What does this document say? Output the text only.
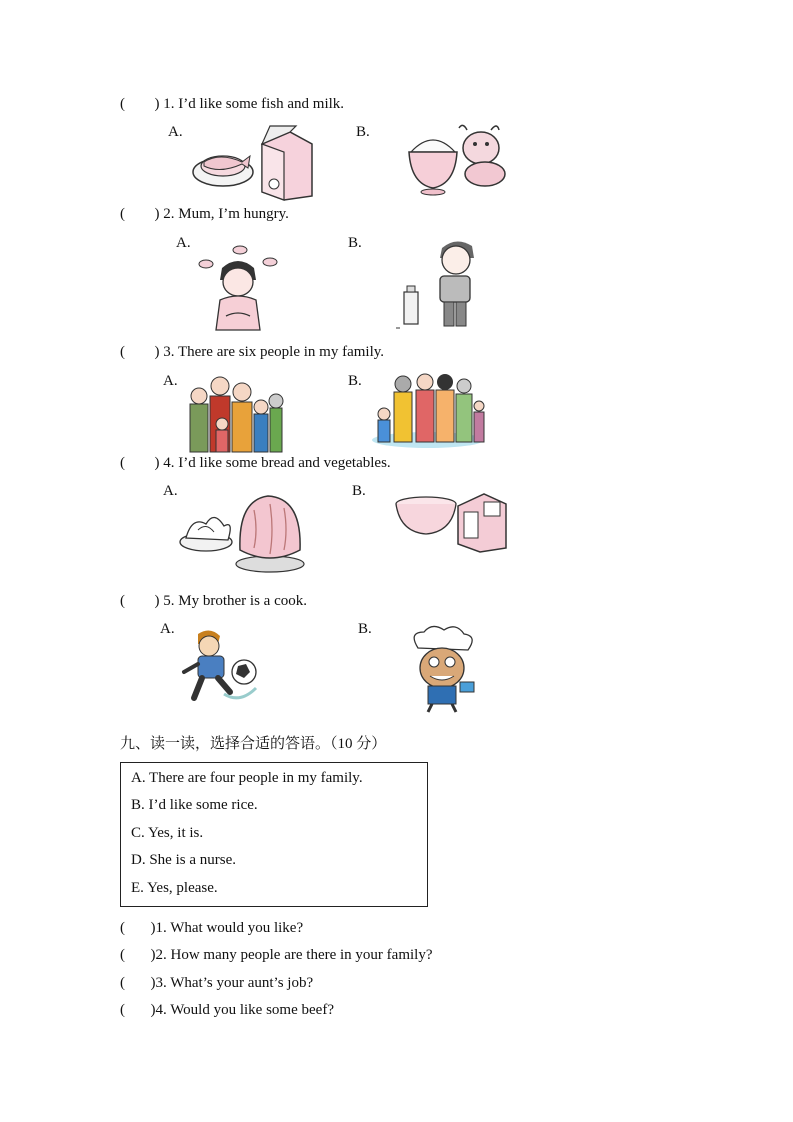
( ) 1. I’d like some fish and milk.
A.	B.
( ) 2. Mum, I’m hungry.
A.	B.
( ) 3. There are six people in my family.
A.	B.
( ) 4. I’d like some bread and vegetables.
A.	B.
( ) 5. My brother is a cook.
A.	B.
九、读一读，选择合适的答语。（10 分）
A. There are four people in my family.
B. I’d like some rice.
C. Yes, it is.
D. She is a nurse.
E. Yes, please.
( )1. What would you like?
( )2. How many people are there in your family?
( )3. What’s your aunt’s job?
( )4. Would you like some beef?
